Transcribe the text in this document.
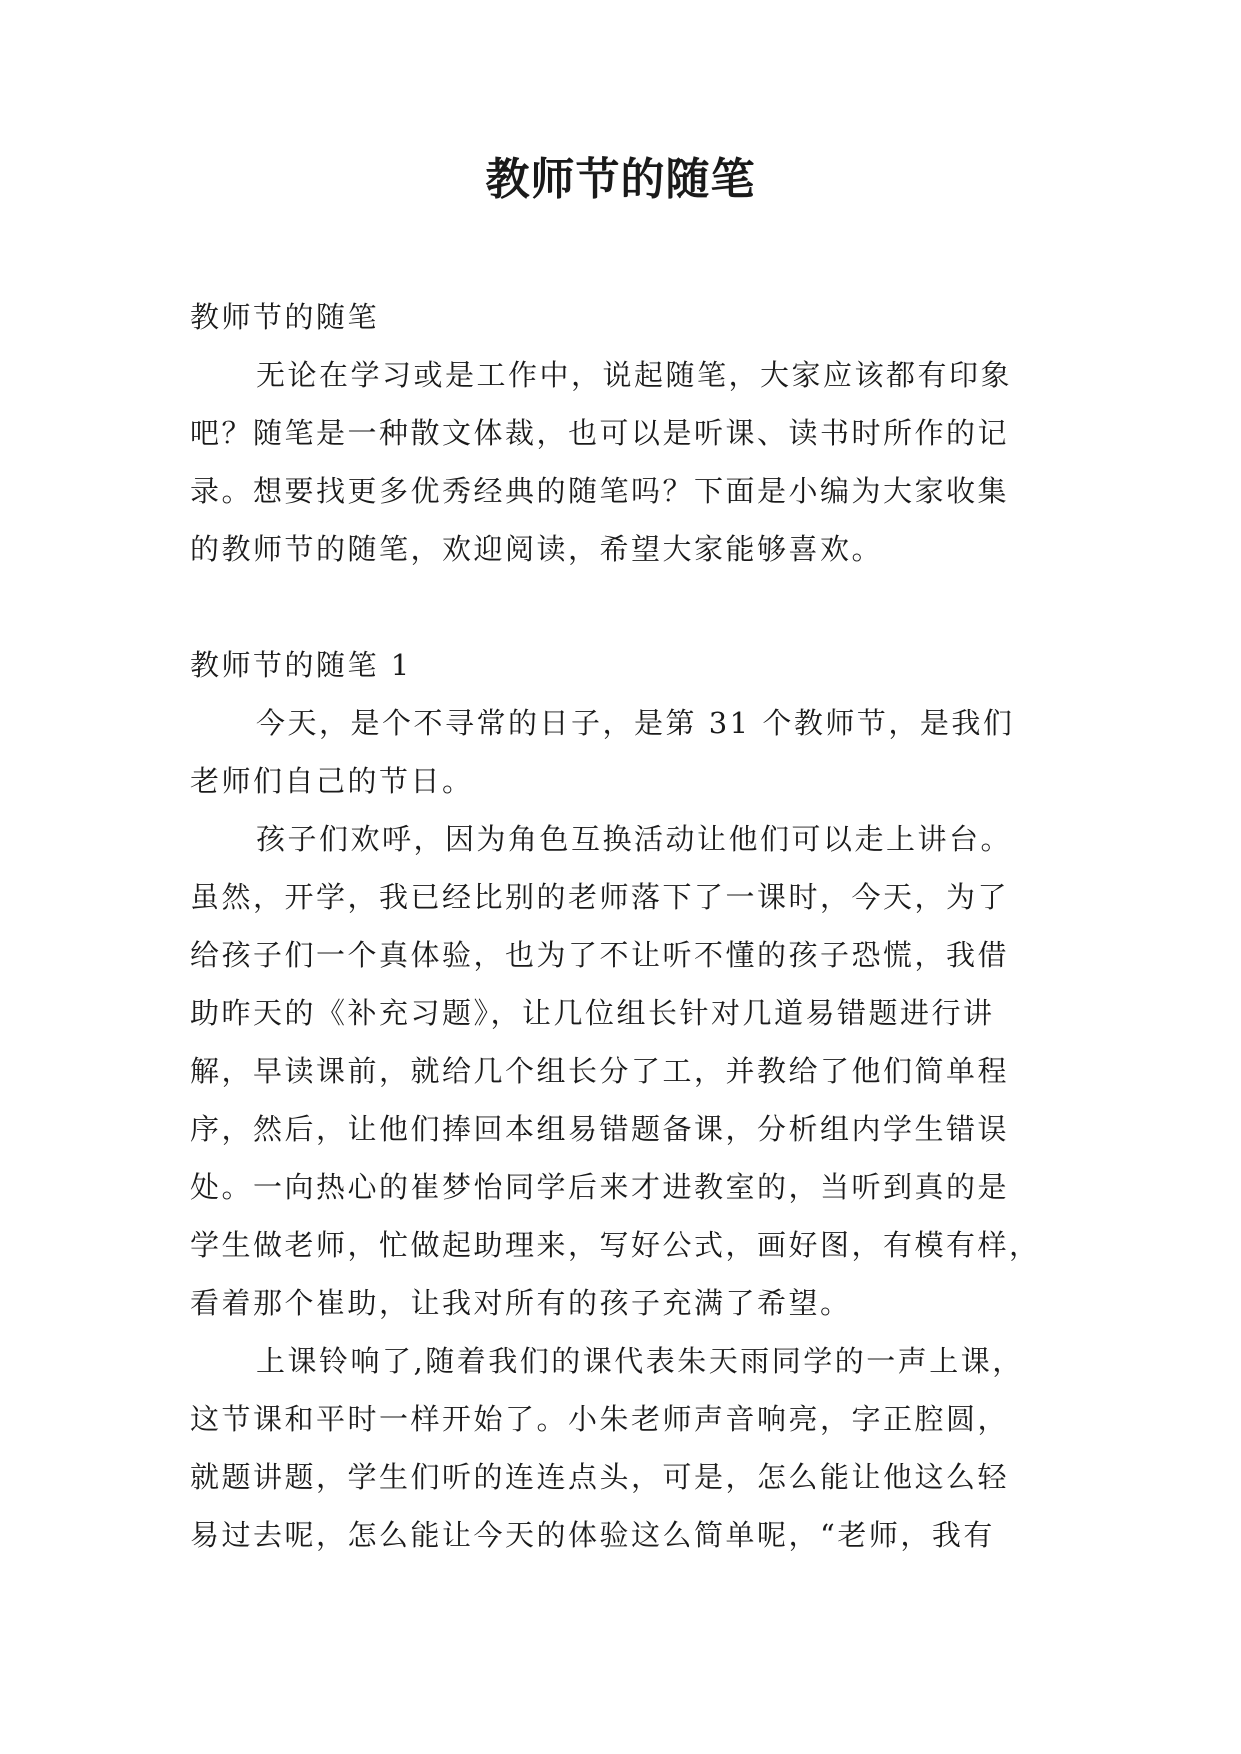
教师节的随笔
教师节的随笔
无论在学习或是工作中，说起随笔，大家应该都有印象
吧？随笔是一种散文体裁，也可以是听课、读书时所作的记
录。想要找更多优秀经典的随笔吗？下面是小编为大家收集
的教师节的随笔，欢迎阅读，希望大家能够喜欢。
教师节的随笔 1
今天，是个不寻常的日子，是第 31 个教师节，是我们
老师们自己的节日。
孩子们欢呼，因为角色互换活动让他们可以走上讲台。
虽然，开学，我已经比别的老师落下了一课时，今天，为了
给孩子们一个真体验，也为了不让听不懂的孩子恐慌，我借
助昨天的《补充习题》，让几位组长针对几道易错题进行讲
解，早读课前，就给几个组长分了工，并教给了他们简单程
序，然后，让他们捧回本组易错题备课，分析组内学生错误
处。一向热心的崔梦怡同学后来才进教室的，当听到真的是
学生做老师，忙做起助理来，写好公式，画好图，有模有样，
看着那个崔助，让我对所有的孩子充满了希望。
上课铃响了,随着我们的课代表朱天雨同学的一声上课，
这节课和平时一样开始了。小朱老师声音响亮，字正腔圆，
就题讲题，学生们听的连连点头，可是，怎么能让他这么轻
易过去呢，怎么能让今天的体验这么简单呢，“老师，我有
